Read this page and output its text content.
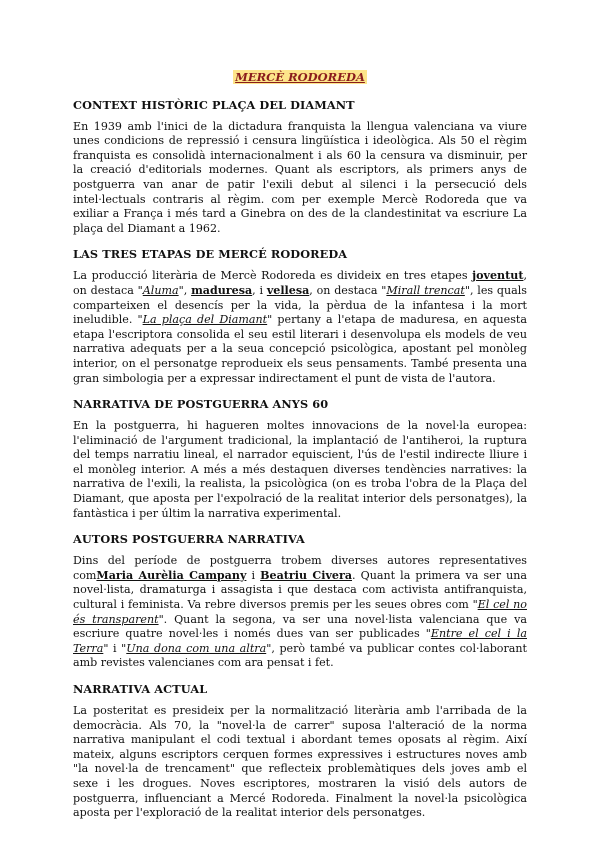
MERCÈ RODOREDA
CONTEXT HISTÒRIC PLAÇA DEL DIAMANT

En 1939 amb l'inici de la dictadura franquista la llengua valenciana va viure unes condicions de repressió i censura lingüística i ideològica. Als 50 el règim franquista es consolidà internacionalment i als 60 la censura va disminuir, per la creació d'editorials modernes. Quant als escriptors, als primers anys de postguerra van anar de patir l'exili debut al silenci i la persecució dels intel·lectuals contraris al règim. com per exemple Mercè Rodoreda que va exiliar a França i més tard a Ginebra on des de la clandestinitat va escriure La plaça del Diamant a 1962.

LAS TRES ETAPAS DE MERCÉ RODOREDA

La producció literària de Mercè Rodoreda es divideix en tres etapes joventut, on destaca "Aluma", maduresa, i vellesa, on destaca "Mirall trencat", les quals comparteixen el desencís per la vida, la pèrdua de la infantesa i la mort ineludible. "La plaça del Diamant" pertany a l'etapa de maduresa, en aquesta etapa l'escriptora consolida el seu estil literari i desenvolupa els models de veu narrativa adequats per a la seua concepció psicològica, apostant pel monòleg interior, on el personatge reprodueix els seus pensaments. També presenta una gran simbologia per a expressar indirectament el punt de vista de l'autora.

NARRATIVA DE POSTGUERRA ANYS 60

En la postguerra, hi hagueren moltes innovacions de la novel·la europea: l'eliminació de l'argument tradicional, la implantació de l'antiheroi, la ruptura del temps narratiu lineal, el narrador equiscient, l'ús de l'estil indirecte lliure i el monòleg interior. A més a més destaquen diverses tendències narratives: la narrativa de l'exili, la realista, la psicològica (on es troba l'obra de la Plaça del Diamant, que aposta per l'expolració de la realitat interior dels personatges), la fantàstica i per últim la narrativa experimental.

AUTORS POSTGUERRA NARRATIVA

Dins del període de postguerra trobem diverses autores representatives comMaria Aurèlia Campany i Beatriu Civera. Quant la primera va ser una novel·lista, dramaturga i assagista i que destaca com activista antifranquista, cultural i feminista. Va rebre diversos premis per les seues obres com "El cel no és transparent". Quant la segona, va ser una novel·lista valenciana que va escriure quatre novel·les i només dues van ser publicades "Entre el cel i la Terra" i "Una dona com una altra", però també va publicar contes col·laborant amb revistes valencianes com ara pensat i fet.

NARRATIVA ACTUAL

La posteritat es presideix per la normalització literària amb l'arribada de la democràcia. Als 70, la "novel·la de carrer" suposa l'alteració de la norma narrativa manipulant el codi textual i abordant temes oposats al règim. Així mateix, alguns escriptors cerquen formes expressives i estructures noves amb "la novel·la de trencament" que reflecteix problemàtiques dels joves amb el sexe i les drogues. Noves escriptores, mostraren la visió dels autors de postguerra, influenciant a Mercé Rodoreda. Finalment la novel·la psicològica aposta per l'exploració de la realitat interior dels personatges.
